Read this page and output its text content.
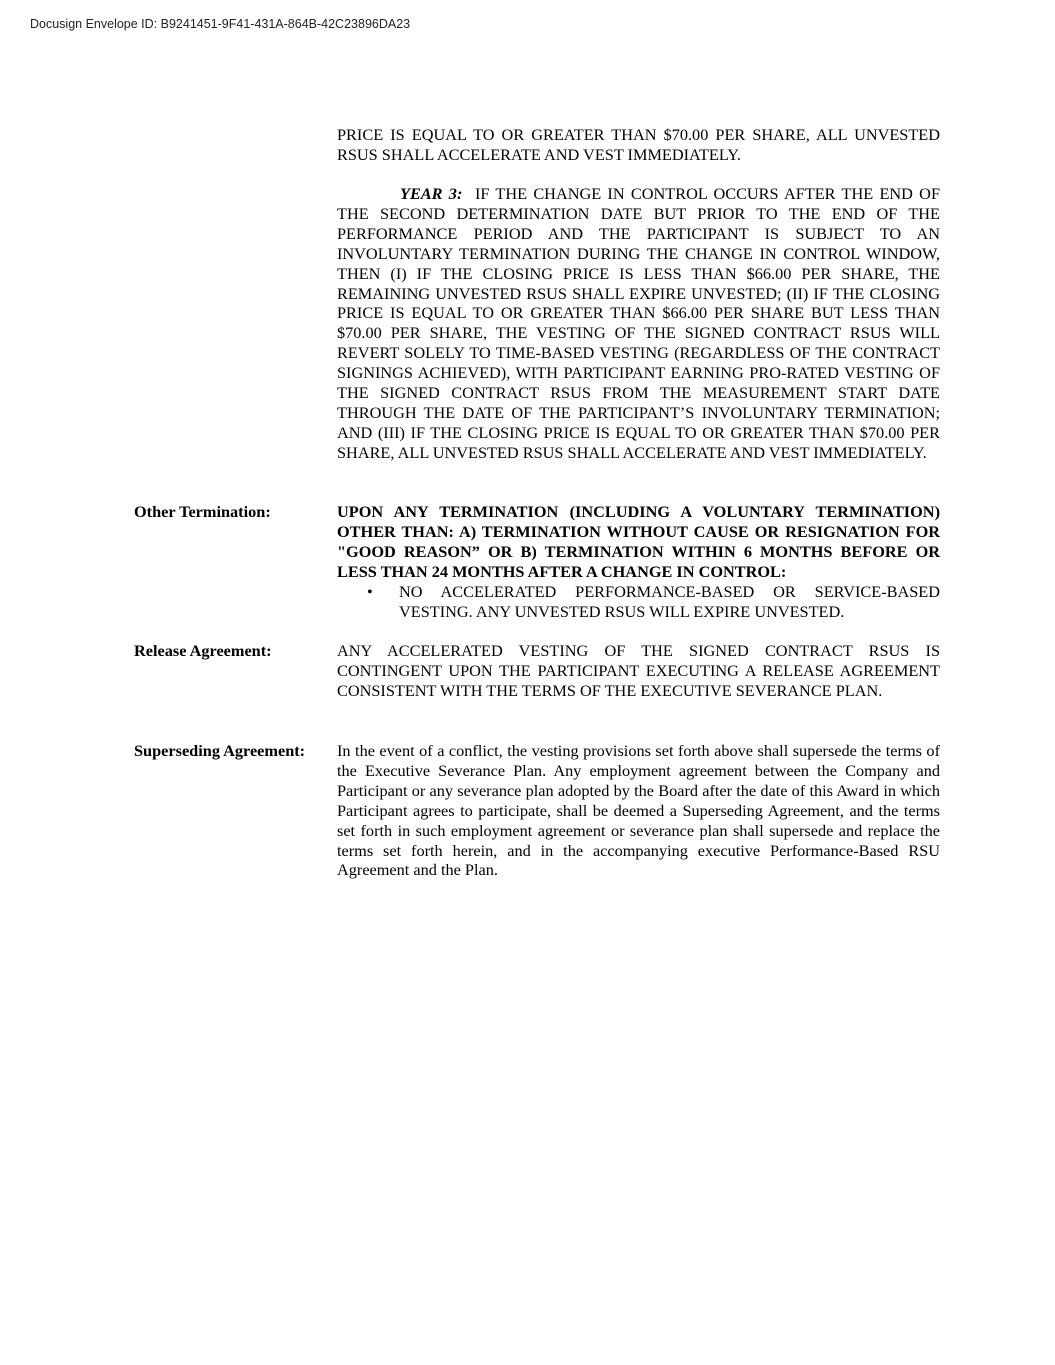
Docusign Envelope ID: B9241451-9F41-431A-864B-42C23896DA23

PRICE IS EQUAL TO OR GREATER THAN $70.00 PER SHARE, ALL UNVESTED RSUS SHALL ACCELERATE AND VEST IMMEDIATELY.

YEAR 3: IF THE CHANGE IN CONTROL OCCURS AFTER THE END OF THE SECOND DETERMINATION DATE BUT PRIOR TO THE END OF THE PERFORMANCE PERIOD AND THE PARTICIPANT IS SUBJECT TO AN INVOLUNTARY TERMINATION DURING THE CHANGE IN CONTROL WINDOW, THEN (I) IF THE CLOSING PRICE IS LESS THAN $66.00 PER SHARE, THE REMAINING UNVESTED RSUS SHALL EXPIRE UNVESTED; (II) IF THE CLOSING PRICE IS EQUAL TO OR GREATER THAN $66.00 PER SHARE BUT LESS THAN $70.00 PER SHARE, THE VESTING OF THE SIGNED CONTRACT RSUS WILL REVERT SOLELY TO TIME-BASED VESTING (REGARDLESS OF THE CONTRACT SIGNINGS ACHIEVED), WITH PARTICIPANT EARNING PRO-RATED VESTING OF THE SIGNED CONTRACT RSUS FROM THE MEASUREMENT START DATE THROUGH THE DATE OF THE PARTICIPANT’S INVOLUNTARY TERMINATION; AND (III) IF THE CLOSING PRICE IS EQUAL TO OR GREATER THAN $70.00 PER SHARE, ALL UNVESTED RSUS SHALL ACCELERATE AND VEST IMMEDIATELY.

Other Termination:	UPON ANY TERMINATION (INCLUDING A VOLUNTARY TERMINATION) OTHER THAN: A) TERMINATION WITHOUT CAUSE OR RESIGNATION FOR "GOOD REASON” OR B) TERMINATION WITHIN 6 MONTHS BEFORE OR LESS THAN 24 MONTHS AFTER A CHANGE IN CONTROL:

• NO ACCELERATED PERFORMANCE-BASED OR SERVICE-BASED VESTING. ANY UNVESTED RSUS WILL EXPIRE UNVESTED.
Release Agreement:	ANY ACCELERATED VESTING OF THE SIGNED CONTRACT RSUS IS CONTINGENT UPON THE PARTICIPANT EXECUTING A RELEASE AGREEMENT CONSISTENT WITH THE TERMS OF THE EXECUTIVE SEVERANCE PLAN.

Superseding Agreement: In the event of a conflict, the vesting provisions set forth above shall supersede the terms of the Executive Severance Plan. Any employment agreement between the Company and Participant or any severance plan adopted by the Board after the date of this Award in which Participant agrees to participate, shall be deemed a Superseding Agreement, and the terms set forth in such employment agreement or severance plan shall supersede and replace the terms set forth herein, and in the accompanying executive Performance-Based RSU Agreement and the Plan.
